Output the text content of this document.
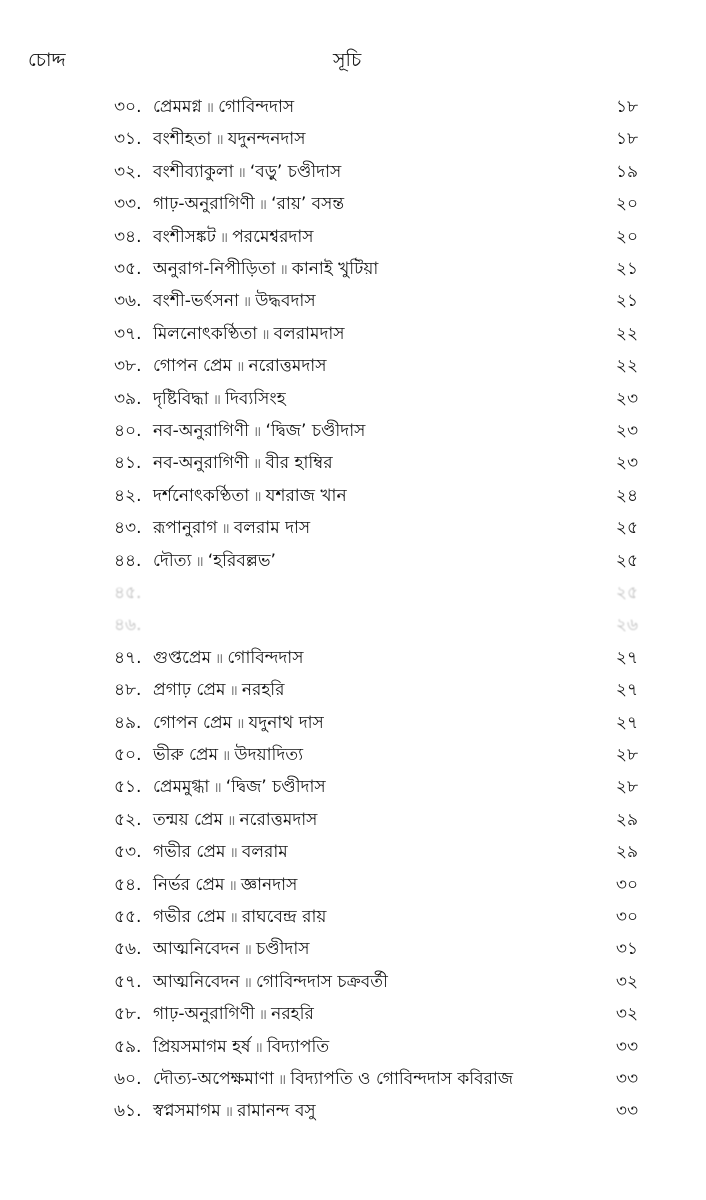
চোদ্দ	সূচি
৩০. প্রেমমগ্ন ॥ গোবিন্দদাস	১৮
৩১. বংশীহতা ॥ যদুনন্দনদাস	১৮
৩২. বংশীব্যাকুলা ॥ ‘বড়ু’ চণ্ডীদাস	১৯
৩৩. গাঢ়-অনুরাগিণী ॥ ‘রায়’ বসন্ত	২০
৩৪. বংশীসঙ্কট ॥ পরমেশ্বরদাস	২০
৩৫. অনুরাগ-নিপীড়িতা ॥ কানাই খুটিয়া	২১
৩৬. বংশী-ভর্ৎসনা ॥ উদ্ধবদাস	২১
৩৭. মিলনোৎকণ্ঠিতা ॥ বলরামদাস	২২
৩৮. গোপন প্রেম ॥ নরোত্তমদাস	২২
৩৯. দৃষ্টিবিদ্ধা ॥ দিব্যসিংহ	২৩
৪০. নব-অনুরাগিণী ॥ ‘দ্বিজ’ চণ্ডীদাস	২৩
৪১. নব-অনুরাগিণী ॥ বীর হাম্বির	২৩
৪২. দর্শনোৎকণ্ঠিতা ॥ যশরাজ খান	২৪
৪৩. রূপানুরাগ ॥ বলরাম দাস	২৫
৪৪. দৌত্য ॥ ‘হরিবল্লভ’	২৫
৪৫.	২৫
৪৬.	২৬
৪৭. গুপ্তপ্রেম ॥ গোবিন্দদাস	২৭
৪৮. প্রগাঢ় প্রেম ॥ নরহরি	২৭
৪৯. গোপন প্রেম ॥ যদুনাথ দাস	২৭
৫০. ভীরু প্রেম ॥ উদয়াদিত্য	২৮
৫১. প্রেমমুগ্ধা ॥ ‘দ্বিজ’ চণ্ডীদাস	২৮
৫২. তন্ময় প্রেম ॥ নরোত্তমদাস	২৯
৫৩. গভীর প্রেম ॥ বলরাম	২৯
৫৪. নির্ভর প্রেম ॥ জ্ঞানদাস	৩০
৫৫. গভীর প্রেম ॥ রাঘবেন্দ্র রায়	৩০
৫৬. আত্মনিবেদন ॥ চণ্ডীদাস	৩১
৫৭. আত্মনিবেদন ॥ গোবিন্দদাস চক্রবর্তী	৩২
৫৮. গাঢ়-অনুরাগিণী ॥ নরহরি	৩২
৫৯. প্রিয়সমাগম হর্ষ ॥ বিদ্যাপতি	৩৩
৬০. দৌত্য-অপেক্ষমাণা ॥ বিদ্যাপতি ও গোবিন্দদাস কবিরাজ	৩৩
৬১. স্বপ্নসমাগম ॥ রামানন্দ বসু	৩৩
